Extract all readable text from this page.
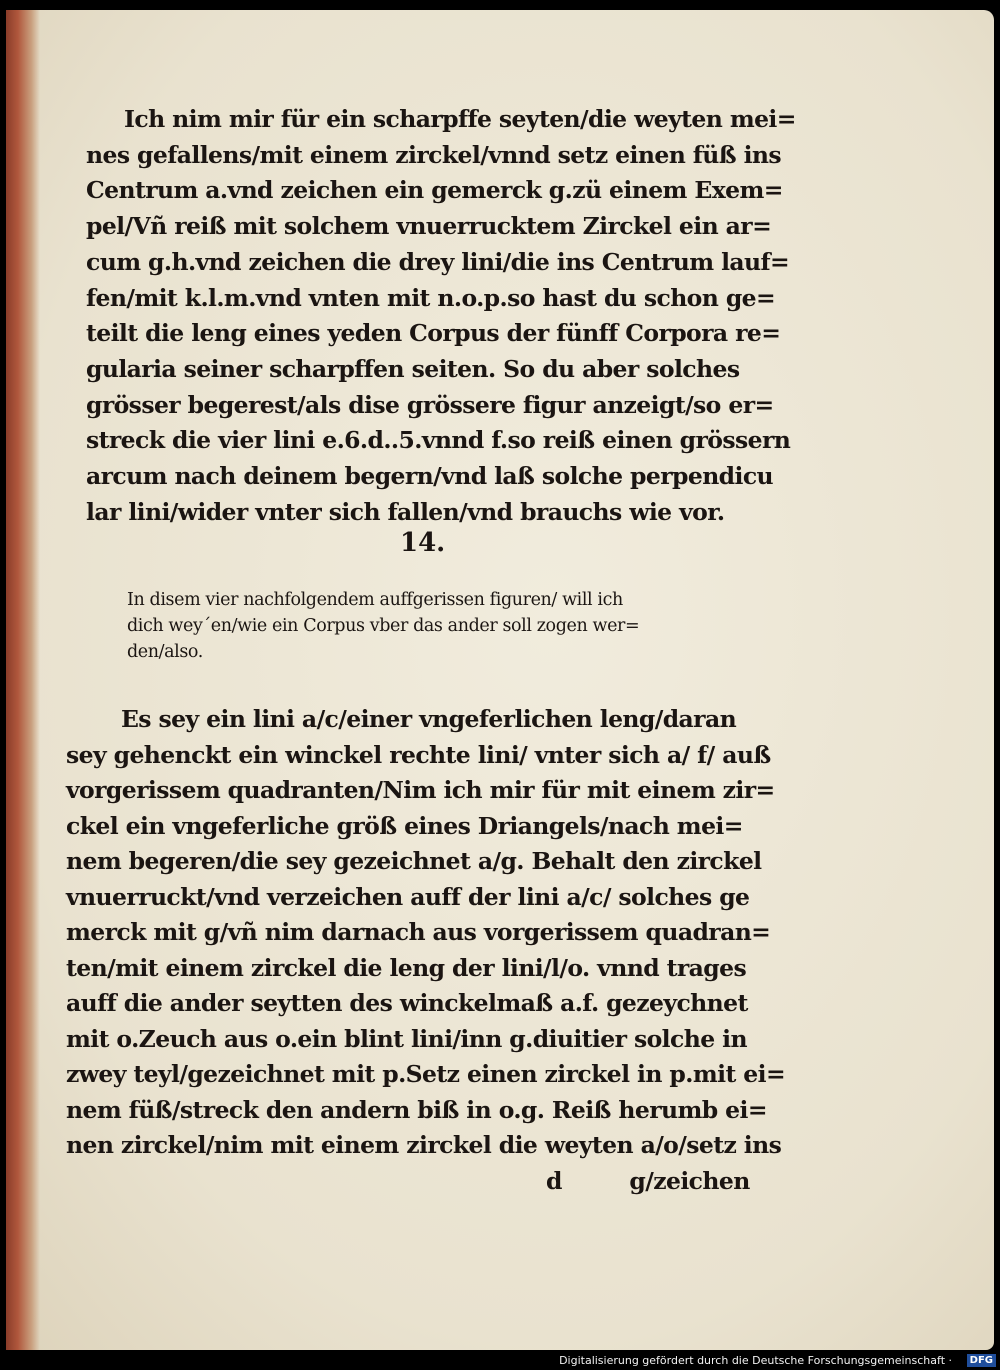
Ich nim mir für ein scharpffe seyten/die weyten mei=
nes gefallens/mit einem zirckel/vnnd setz einen füß ins
Centrum a.vnd zeichen ein gemerck g.zü einem Exem=
pel/Vñ reiß mit solchem vnuerrucktem Zirckel ein ar=
cum g.h.vnd zeichen die drey lini/die ins Centrum lauf=
fen/mit k.l.m.vnd vnten mit n.o.p.so hast du schon ge=
teilt die leng eines yeden Corpus der fünff Corpora re=
gularia seiner scharpffen seiten. So du aber solches
grösser begerest/als dise grössere figur anzeigt/so er=
streck die vier lini e.6.d..5.vnnd f.so reiß einen grössern
arcum nach deinem begern/vnd laß solche perpendicu
lar lini/wider vnter sich fallen/vnd brauchs wie vor.
14.
In disem vier nachfolgendem auffgerissen figuren/ will ich
dich wey´en/wie ein Corpus vber das ander soll zogen wer=
den/also.
Es sey ein lini a/c/einer vngeferlichen leng/daran
sey gehenckt ein winckel rechte lini/ vnter sich a/ f/ auß
vorgerissem quadranten/Nim ich mir für mit einem zir=
ckel ein vngeferliche größ eines Driangels/nach mei=
nem begeren/die sey gezeichnet a/g. Behalt den zirckel
vnuerruckt/vnd verzeichen auff der lini a/c/ solches ge
merck mit g/vñ nim darnach aus vorgerissem quadran=
ten/mit einem zirckel die leng der lini/l/o. vnnd trages
auff die ander seytten des winckelmaß a.f. gezeychnet
mit o.Zeuch aus o.ein blint lini/inn g.diuitier solche in
zwey teyl/gezeichnet mit p.Setz einen zirckel in p.mit ei=
nem füß/streck den andern biß in o.g. Reiß herumb ei=
nen zirckel/nim mit einem zirckel die weyten a/o/setz ins
d g/zeichen
Digitalisierung gefördert durch die Deutsche Forschungsgemeinschaft ·	DFG
